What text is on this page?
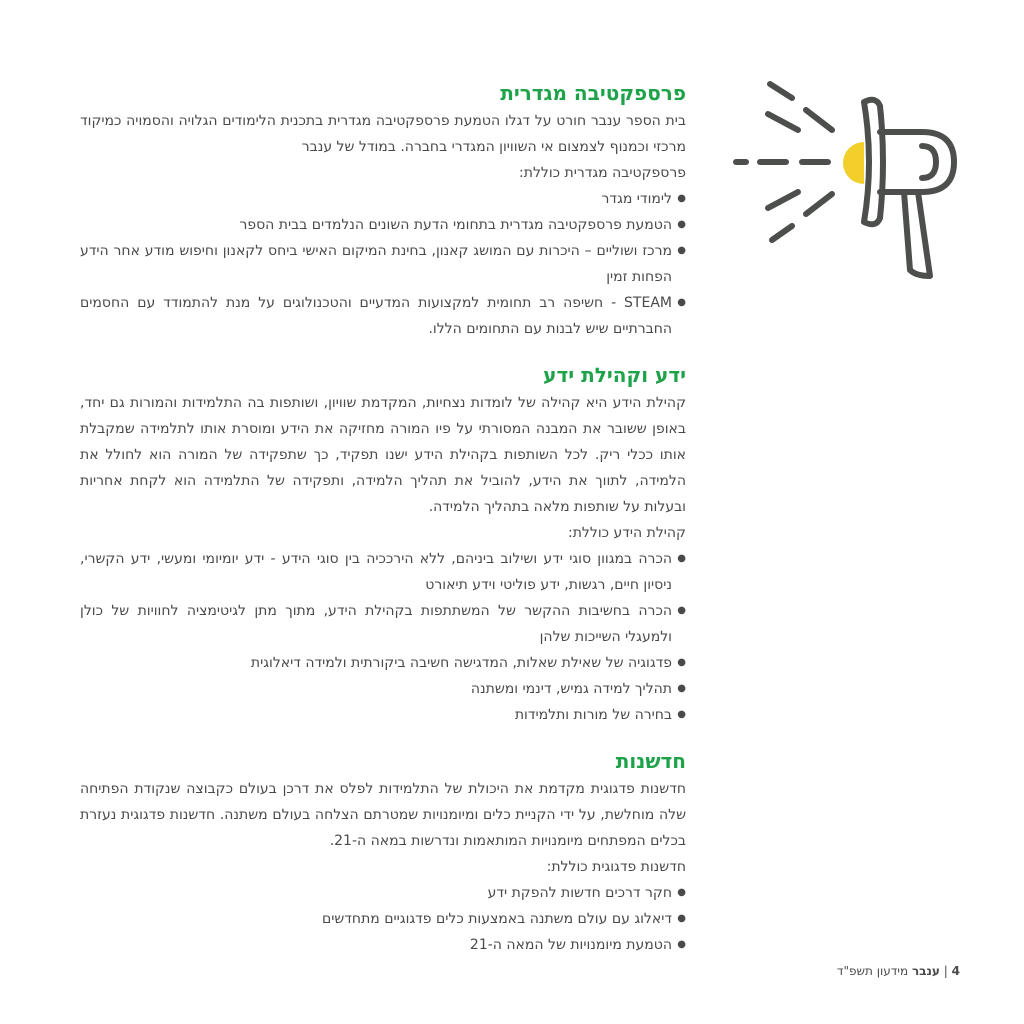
פרספקטיבה מגדרית

בית הספר ענבר חורט על דגלו הטמעת פרספקטיבה מגדרית בתכנית הלימודים הגלויה והסמויה כמיקוד מרכזי וכמנוף לצמצום אי השוויון המגדרי בחברה. במודל של ענבר
פרספקטיבה מגדרית כוללת:

● לימודי מגדר
● הטמעת פרספקטיבה מגדרית בתחומי הדעת השונים הנלמדים בבית הספר
● מרכז ושוליים – היכרות עם המושג קאנון, בחינת המיקום האישי ביחס לקאנון וחיפוש מודע אחר הידע הפחות זמין
● STEAM - חשיפה רב תחומית למקצועות המדעיים והטכנולוגים על מנת להתמודד עם החסמים החברתיים שיש לבנות עם התחומים הללו.
ידע וקהילת ידע

קהילת הידע היא קהילה של לומדות נצחיות, המקדמת שוויון, ושותפות בה התלמידות והמורות גם יחד, באופן ששובר את המבנה המסורתי על פיו המורה מחזיקה את הידע ומוסרת אותו לתלמידה שמקבלת אותו ככלי ריק. לכל השותפות בקהילת הידע ישנו תפקיד, כך שתפקידה של המורה הוא לחולל את הלמידה, לתווך את הידע, להוביל את תהליך הלמידה, ותפקידה של התלמידה הוא לקחת אחריות ובעלות על שותפות מלאה בתהליך הלמידה.
קהילת הידע כוללת:

● הכרה במגוון סוגי ידע ושילוב ביניהם, ללא הירככיה בין סוגי הידע - ידע יומיומי ומעשי, ידע הקשרי, ניסיון חיים, רגשות, ידע פוליטי וידע תיאורט
● הכרה בחשיבות ההקשר של המשתתפות בקהילת הידע, מתוך מתן לגיטימציה לחוויות של כולן ולמעגלי השייכות שלהן
● פדגוגיה של שאילת שאלות, המדגישה חשיבה ביקורתית ולמידה דיאלוגית
● תהליך למידה גמיש, דינמי ומשתנה
● בחירה של מורות ותלמידות
חדשנות

חדשנות פדגוגית מקדמת את היכולת של התלמידות לפלס את דרכן בעולם כקבוצה שנקודת הפתיחה שלה מוחלשת, על ידי הקניית כלים ומיומנויות שמטרתם הצלחה בעולם משתנה. חדשנות פדגוגית נעזרת בכלים המפתחים מיומנויות המותאמות ונדרשות במאה ה-21.
חדשנות פדגוגית כוללת:

● חקר דרכים חדשות להפקת ידע
● דיאלוג עם עולם משתנה באמצעות כלים פדגוגיים מתחדשים
● הטמעת מיומנויות של המאה ה-21
4 | ענבר מידעון תשפ"ד
